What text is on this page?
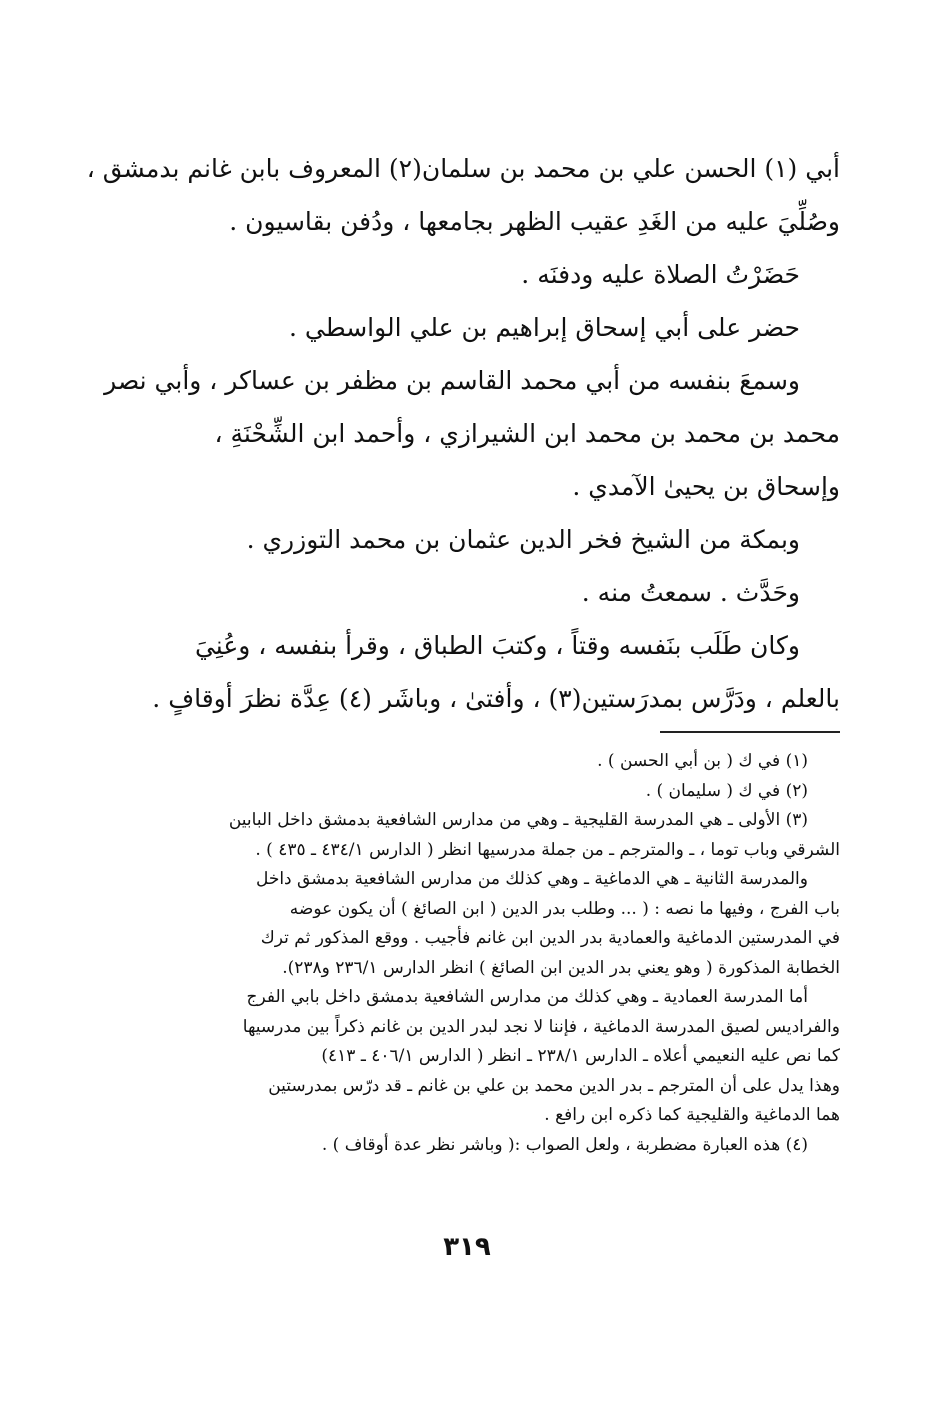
أبي (١) الحسن علي بن محمد بن سلمان(٢) المعروف بابن غانم بدمشق ،

وصُلِّيَ عليه من الغَدِ عقيب الظهر بجامعها ، ودُفن بقاسيون .

حَضَرْتُ الصلاة عليه ودفنَه .

حضر على أبي إسحاق إبراهيم بن علي الواسطي .

وسمعَ بنفسه من أبي محمد القاسم بن مظفر بن عساكر ، وأبي نصر

محمد بن محمد بن محمد ابن الشيرازي ، وأحمد ابن الشِّحْنَةِ ،

وإسحاق بن يحيىٰ الآمدي .

وبمكة من الشيخ فخر الدين عثمان بن محمد التوزري .

وحَدَّث . سمعتُ منه .

وكان طَلَب بنَفسه وقتاً ، وكتبَ الطباق ، وقرأ بنفسه ، وعُنِيَ

بالعلم ، ودَرَّس بمدرَستين(٣) ، وأفتىٰ ، وباشَر (٤) عِدَّة نظرَ أوقافٍ .

(١) في ك ( بن أبي الحسن ) .

(٢) في ك ( سليمان ) .

(٣) الأولى ـ هي المدرسة القليجية ـ وهي من مدارس الشافعية بدمشق داخل البابين

الشرقي وباب توما ، ـ والمترجم ـ من جملة مدرسيها انظر ( الدارس ٤٣٤/١ ـ ٤٣٥ ) .

والمدرسة الثانية ـ هي الدماغية ـ وهي كذلك من مدارس الشافعية بدمشق داخل

باب الفرج ، وفيها ما نصه : ( ... وطلب بدر الدين ( ابن الصائغ ) أن يكون عوضه

في المدرستين الدماغية والعمادية بدر الدين ابن غانم فأجيب . ووقع المذكور ثم ترك

الخطابة المذكورة ( وهو يعني بدر الدين ابن الصائغ ) انظر الدارس ٢٣٦/١ و٢٣٨).

أما المدرسة العمادية ـ وهي كذلك من مدارس الشافعية بدمشق داخل بابي الفرج

والفراديس لصيق المدرسة الدماغية ، فإننا لا نجد لبدر الدين بن غانم ذكراً بين مدرسيها

كما نص عليه النعيمي أعلاه ـ الدارس ٢٣٨/١ ـ انظر ( الدارس ٤٠٦/١ ـ ٤١٣)

وهذا يدل على أن المترجم ـ بدر الدين محمد بن علي بن غانم ـ قد درّس بمدرستين

هما الدماغية والقليجية كما ذكره ابن رافع .

(٤) هذه العبارة مضطربة ، ولعل الصواب :( وباشر نظر عدة أوقاف ) .

٣١٩
